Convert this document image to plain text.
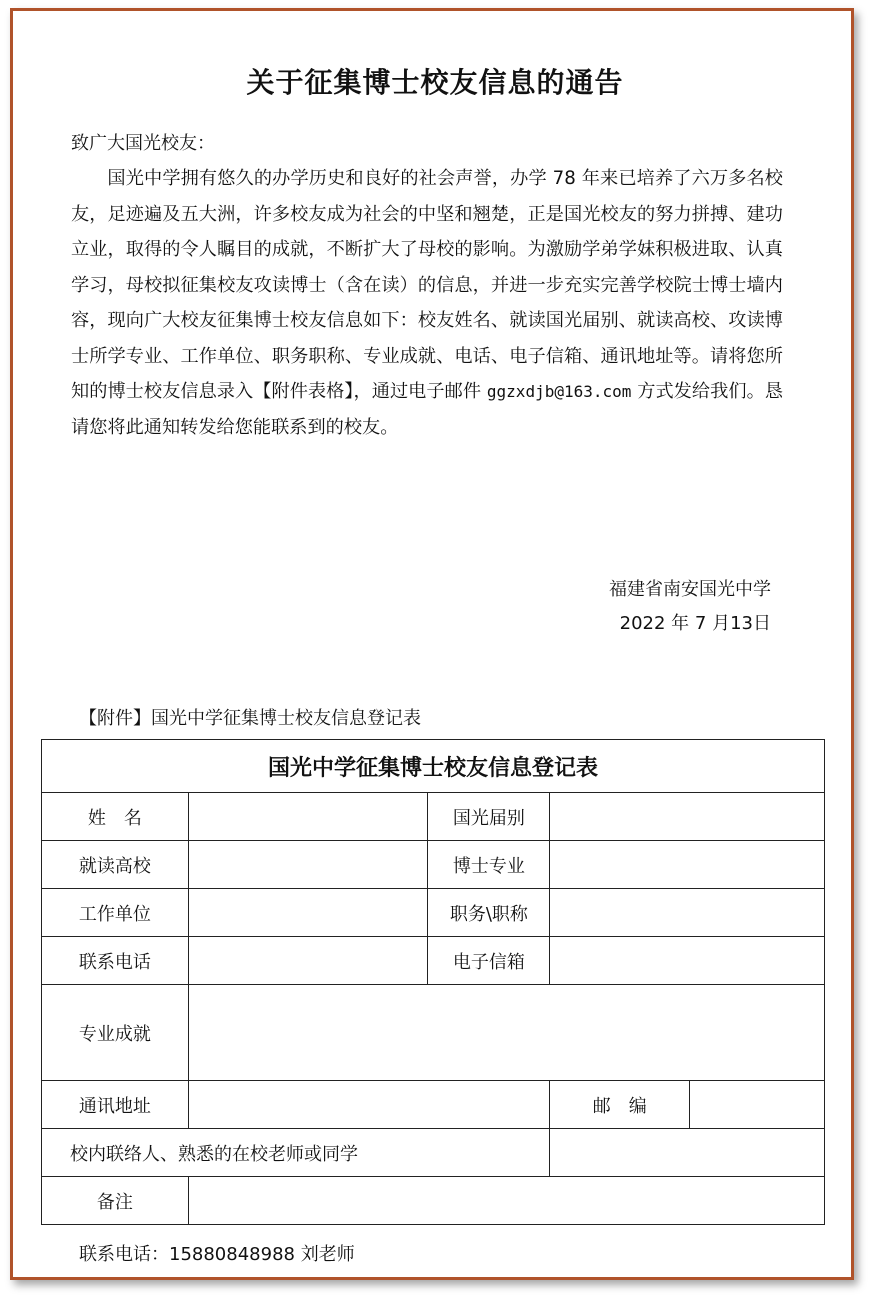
关于征集博士校友信息的通告
致广大国光校友：
国光中学拥有悠久的办学历史和良好的社会声誉，办学 78 年来已培养了六万多名校友，足迹遍及五大洲，许多校友成为社会的中坚和翘楚，正是国光校友的努力拼搏、建功立业，取得的令人瞩目的成就，不断扩大了母校的影响。为激励学弟学妹积极进取、认真学习，母校拟征集校友攻读博士（含在读）的信息，并进一步充实完善学校院士博士墙内容，现向广大校友征集博士校友信息如下：校友姓名、就读国光届别、就读高校、攻读博士所学专业、工作单位、职务职称、专业成就、电话、电子信箱、通讯地址等。请将您所知的博士校友信息录入【附件表格】，通过电子邮件 ggzxdjb@163.com 方式发给我们。恳请您将此通知转发给您能联系到的校友。
福建省南安国光中学
2022 年 7 月13日
【附件】国光中学征集博士校友信息登记表
国光中学征集博士校友信息登记表				
姓　名		国光届别		
就读高校		博士专业		
工作单位		职务\职称		
联系电话		电子信箱		
专业成就				
通讯地址			邮　编	
校内联络人、熟悉的在校老师或同学				
备注				
联系电话：15880848988 刘老师
